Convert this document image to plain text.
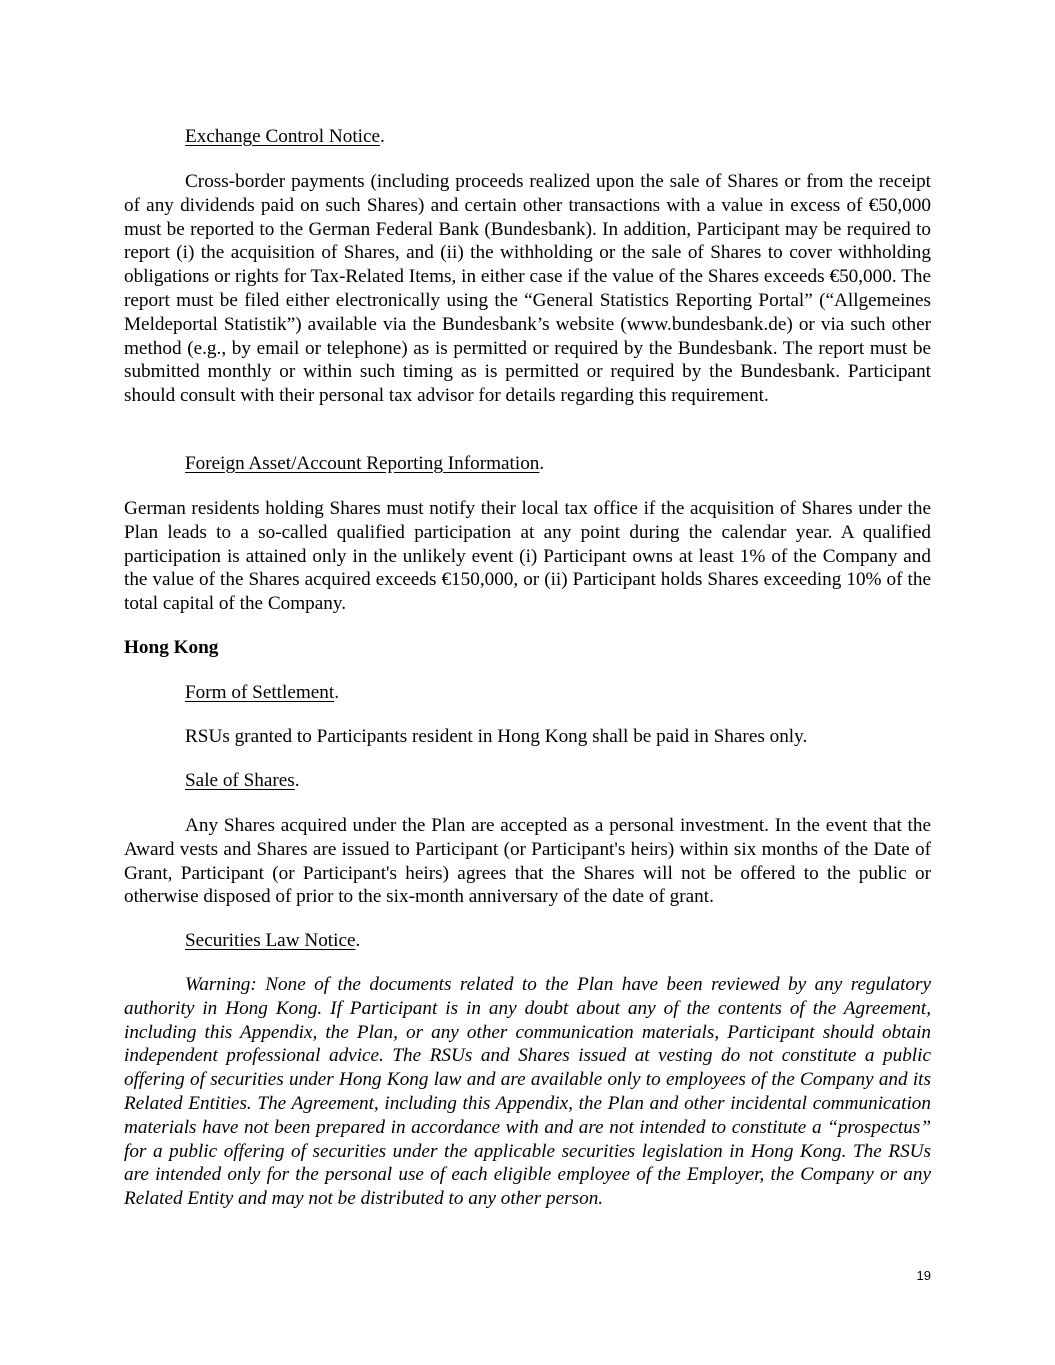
Exchange Control Notice.

Cross-border payments (including proceeds realized upon the sale of Shares or from the receipt of any dividends paid on such Shares) and certain other transactions with a value in excess of €50,000 must be reported to the German Federal Bank (Bundesbank). In addition, Participant may be required to report (i) the acquisition of Shares, and (ii) the withholding or the sale of Shares to cover withholding obligations or rights for Tax-Related Items, in either case if the value of the Shares exceeds €50,000. The report must be filed either electronically using the “General Statistics Reporting Portal” (“Allgemeines Meldeportal Statistik”) available via the Bundesbank’s website (www.bundesbank.de) or via such other method (e.g., by email or telephone) as is permitted or required by the Bundesbank. The report must be submitted monthly or within such timing as is permitted or required by the Bundesbank. Participant should consult with their personal tax advisor for details regarding this requirement.

Foreign Asset/Account Reporting Information.

German residents holding Shares must notify their local tax office if the acquisition of Shares under the Plan leads to a so-called qualified participation at any point during the calendar year. A qualified participation is attained only in the unlikely event (i) Participant owns at least 1% of the Company and the value of the Shares acquired exceeds €150,000, or (ii) Participant holds Shares exceeding 10% of the total capital of the Company.

Hong Kong

Form of Settlement.

RSUs granted to Participants resident in Hong Kong shall be paid in Shares only.

Sale of Shares.

Any Shares acquired under the Plan are accepted as a personal investment. In the event that the Award vests and Shares are issued to Participant (or Participant's heirs) within six months of the Date of Grant, Participant (or Participant's heirs) agrees that the Shares will not be offered to the public or otherwise disposed of prior to the six-month anniversary of the date of grant.

Securities Law Notice.

Warning: None of the documents related to the Plan have been reviewed by any regulatory authority in Hong Kong. If Participant is in any doubt about any of the contents of the Agreement, including this Appendix, the Plan, or any other communication materials, Participant should obtain independent professional advice. The RSUs and Shares issued at vesting do not constitute a public offering of securities under Hong Kong law and are available only to employees of the Company and its Related Entities. The Agreement, including this Appendix, the Plan and other incidental communication materials have not been prepared in accordance with and are not intended to constitute a “prospectus” for a public offering of securities under the applicable securities legislation in Hong Kong. The RSUs are intended only for the personal use of each eligible employee of the Employer, the Company or any Related Entity and may not be distributed to any other person.

19
